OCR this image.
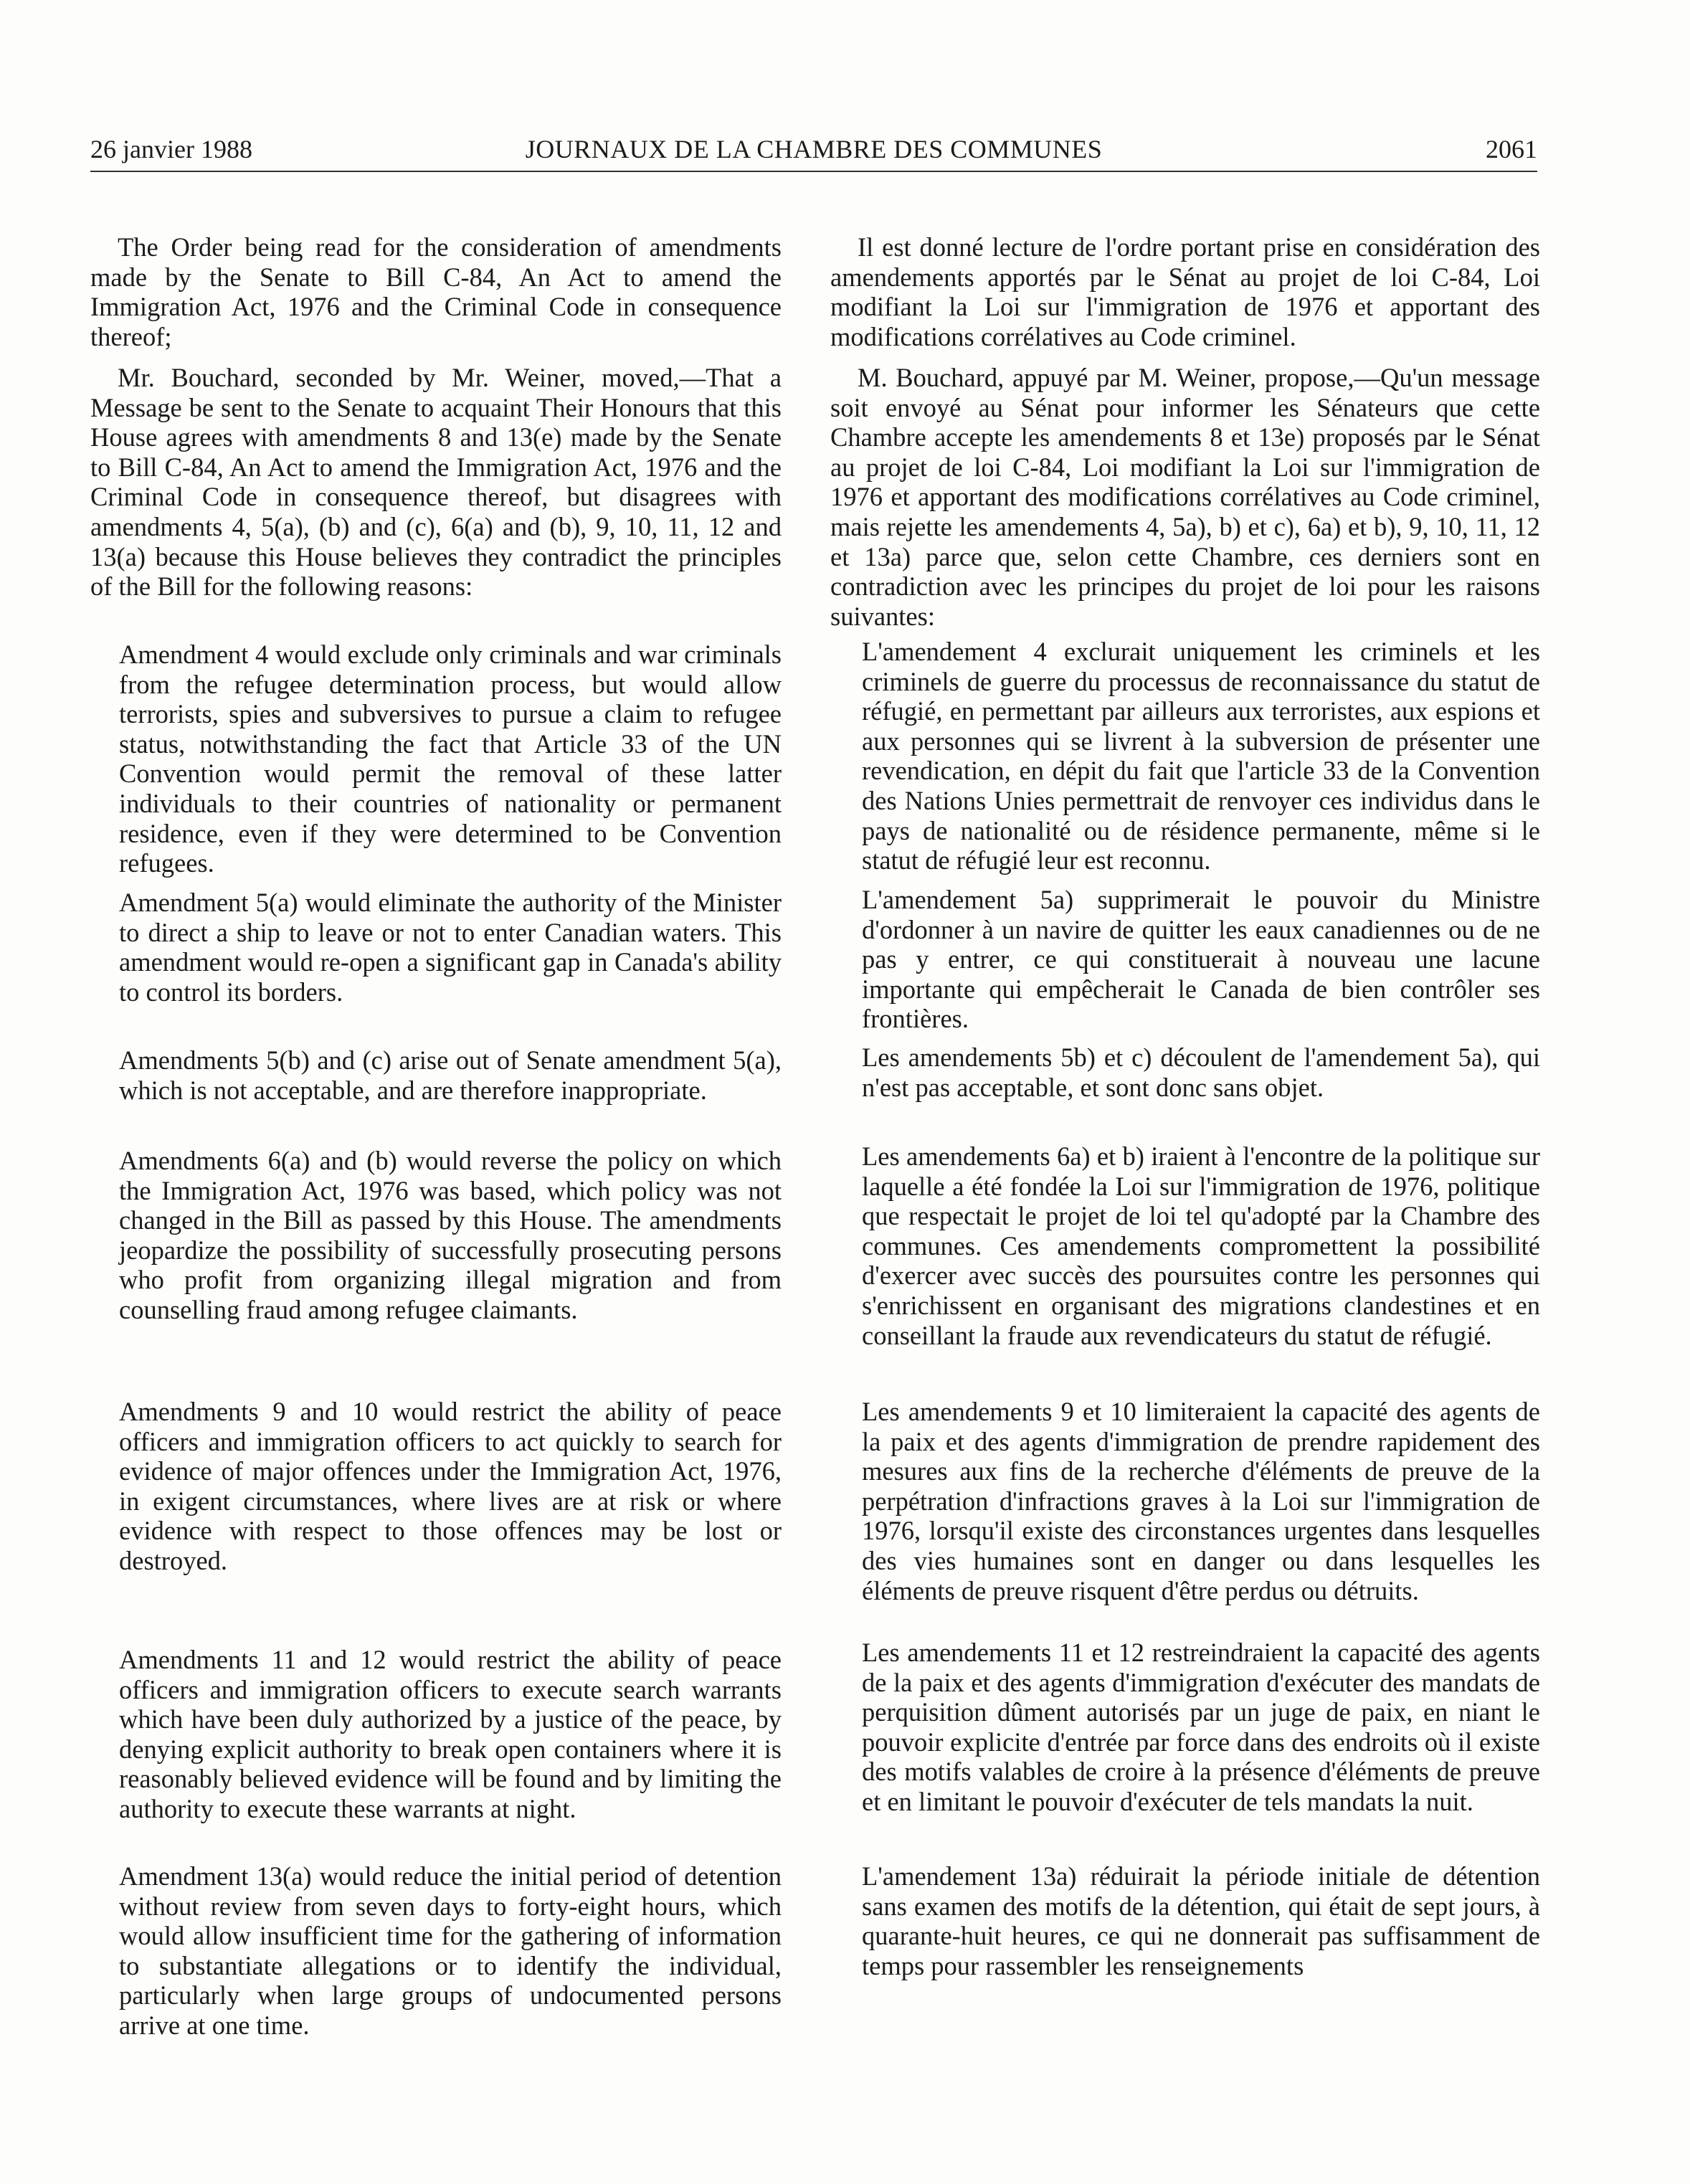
26 janvier 1988	JOURNAUX DE LA CHAMBRE DES COMMUNES	2061

The Order being read for the consideration of amendments made by the Senate to Bill C-84, An Act to amend the Immigration Act, 1976 and the Criminal Code in consequence thereof;

Mr. Bouchard, seconded by Mr. Weiner, moved,—That a Message be sent to the Senate to acquaint Their Honours that this House agrees with amendments 8 and 13(e) made by the Senate to Bill C-84, An Act to amend the Immigration Act, 1976 and the Criminal Code in consequence thereof, but disagrees with amendments 4, 5(a), (b) and (c), 6(a) and (b), 9, 10, 11, 12 and 13(a) because this House believes they contradict the principles of the Bill for the following reasons:

Amendment 4 would exclude only criminals and war criminals from the refugee determination process, but would allow terrorists, spies and subversives to pursue a claim to refugee status, notwithstanding the fact that Article 33 of the UN Convention would permit the removal of these latter individuals to their countries of nationality or permanent residence, even if they were determined to be Convention refugees.

Amendment 5(a) would eliminate the authority of the Minister to direct a ship to leave or not to enter Canadian waters. This amendment would re-open a significant gap in Canada's ability to control its borders.

Amendments 5(b) and (c) arise out of Senate amendment 5(a), which is not acceptable, and are therefore inappropriate.

Amendments 6(a) and (b) would reverse the policy on which the Immigration Act, 1976 was based, which policy was not changed in the Bill as passed by this House. The amendments jeopardize the possibility of successfully prosecuting persons who profit from organizing illegal migration and from counselling fraud among refugee claimants.

Amendments 9 and 10 would restrict the ability of peace officers and immigration officers to act quickly to search for evidence of major offences under the Immigration Act, 1976, in exigent circumstances, where lives are at risk or where evidence with respect to those offences may be lost or destroyed.

Amendments 11 and 12 would restrict the ability of peace officers and immigration officers to execute search warrants which have been duly authorized by a justice of the peace, by denying explicit authority to break open containers where it is reasonably believed evidence will be found and by limiting the authority to execute these warrants at night.

Amendment 13(a) would reduce the initial period of detention without review from seven days to forty-eight hours, which would allow insufficient time for the gathering of information to substantiate allegations or to identify the individual, particularly when large groups of undocumented persons arrive at one time.

Il est donné lecture de l'ordre portant prise en considération des amendements apportés par le Sénat au projet de loi C-84, Loi modifiant la Loi sur l'immigration de 1976 et apportant des modifications corrélatives au Code criminel.

M. Bouchard, appuyé par M. Weiner, propose,—Qu'un message soit envoyé au Sénat pour informer les Sénateurs que cette Chambre accepte les amendements 8 et 13e) proposés par le Sénat au projet de loi C-84, Loi modifiant la Loi sur l'immigration de 1976 et apportant des modifications corrélatives au Code criminel, mais rejette les amendements 4, 5a), b) et c), 6a) et b), 9, 10, 11, 12 et 13a) parce que, selon cette Chambre, ces derniers sont en contradiction avec les principes du projet de loi pour les raisons suivantes:

L'amendement 4 exclurait uniquement les criminels et les criminels de guerre du processus de reconnaissance du statut de réfugié, en permettant par ailleurs aux terroristes, aux espions et aux personnes qui se livrent à la subversion de présenter une revendication, en dépit du fait que l'article 33 de la Convention des Nations Unies permettrait de renvoyer ces individus dans le pays de nationalité ou de résidence permanente, même si le statut de réfugié leur est reconnu.

L'amendement 5a) supprimerait le pouvoir du Ministre d'ordonner à un navire de quitter les eaux canadiennes ou de ne pas y entrer, ce qui constituerait à nouveau une lacune importante qui empêcherait le Canada de bien contrôler ses frontières.

Les amendements 5b) et c) découlent de l'amendement 5a), qui n'est pas acceptable, et sont donc sans objet.

Les amendements 6a) et b) iraient à l'encontre de la politique sur laquelle a été fondée la Loi sur l'immigration de 1976, politique que respectait le projet de loi tel qu'adopté par la Chambre des communes. Ces amendements compromettent la possibilité d'exercer avec succès des poursuites contre les personnes qui s'enrichissent en organisant des migrations clandestines et en conseillant la fraude aux revendicateurs du statut de réfugié.

Les amendements 9 et 10 limiteraient la capacité des agents de la paix et des agents d'immigration de prendre rapidement des mesures aux fins de la recherche d'éléments de preuve de la perpétration d'infractions graves à la Loi sur l'immigration de 1976, lorsqu'il existe des circonstances urgentes dans lesquelles des vies humaines sont en danger ou dans lesquelles les éléments de preuve risquent d'être perdus ou détruits.

Les amendements 11 et 12 restreindraient la capacité des agents de la paix et des agents d'immigration d'exécuter des mandats de perquisition dûment autorisés par un juge de paix, en niant le pouvoir explicite d'entrée par force dans des endroits où il existe des motifs valables de croire à la présence d'éléments de preuve et en limitant le pouvoir d'exécuter de tels mandats la nuit.

L'amendement 13a) réduirait la période initiale de détention sans examen des motifs de la détention, qui était de sept jours, à quarante-huit heures, ce qui ne donnerait pas suffisamment de temps pour rassembler les renseignements
